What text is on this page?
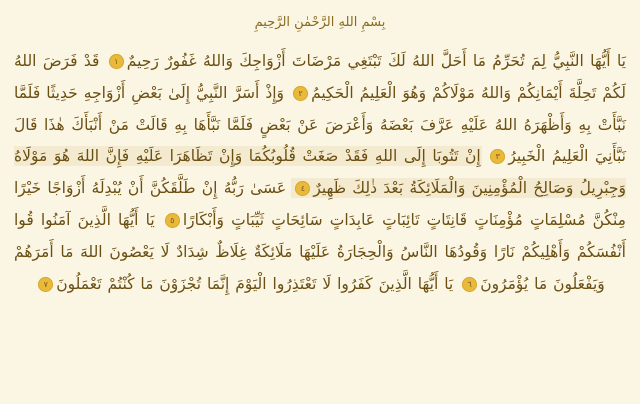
بِسْمِ اللهِ الرَّحْمٰنِ الرَّحِيمِ
يَا أَيُّهَا النَّبِيُّ لِمَ تُحَرِّمُ مَا أَحَلَّ اللهُ لَكَ تَبْتَغِي مَرْضَاتَ أَزْوَاجِكَ وَاللهُ غَفُورٌ رَحِيمٌ١ قَدْ فَرَضَ اللهُ لَكُمْ تَحِلَّةَ أَيْمَانِكُمْ وَاللهُ مَوْلَاكُمْ وَهُوَ الْعَلِيمُ الْحَكِيمُ٢ وَإِذْ أَسَرَّ النَّبِيُّ إِلَىٰ بَعْضِ أَزْوَاجِهِ حَدِيثًا فَلَمَّا نَبَّأَتْ بِهِ وَأَظْهَرَهُ اللهُ عَلَيْهِ عَرَّفَ بَعْضَهُ وَأَعْرَضَ عَنْ بَعْضٍ فَلَمَّا نَبَّأَهَا بِهِ قَالَتْ مَنْ أَنْبَأَكَ هٰذَا قَالَ نَبَّأَنِيَ الْعَلِيمُ الْخَبِيرُ٣ إِنْ تَتُوبَا إِلَى اللهِ فَقَدْ صَغَتْ قُلُوبُكُمَا وَإِنْ تَظَاهَرَا عَلَيْهِ فَإِنَّ اللهَ هُوَ مَوْلَاهُ وَجِبْرِيلُ وَصَالِحُ الْمُؤْمِنِينَ وَالْمَلَائِكَةُ بَعْدَ ذٰلِكَ ظَهِيرٌ٤ عَسَىٰ رَبُّهُ إِنْ طَلَّقَكُنَّ أَنْ يُبْدِلَهُ أَزْوَاجًا خَيْرًا مِنْكُنَّ مُسْلِمَاتٍ مُؤْمِنَاتٍ قَانِتَاتٍ تَائِبَاتٍ عَابِدَاتٍ سَائِحَاتٍ ثَيِّبَاتٍ وَأَبْكَارًا٥ يَا أَيُّهَا الَّذِينَ آمَنُوا قُوا أَنْفُسَكُمْ وَأَهْلِيكُمْ نَارًا وَقُودُهَا النَّاسُ وَالْحِجَارَةُ عَلَيْهَا مَلَائِكَةٌ غِلَاظٌ شِدَادٌ لَا يَعْصُونَ اللهَ مَا أَمَرَهُمْ وَيَفْعَلُونَ مَا يُؤْمَرُونَ٦ يَا أَيُّهَا الَّذِينَ كَفَرُوا لَا تَعْتَذِرُوا الْيَوْمَ إِنَّمَا تُجْزَوْنَ مَا كُنْتُمْ تَعْمَلُونَ٧
